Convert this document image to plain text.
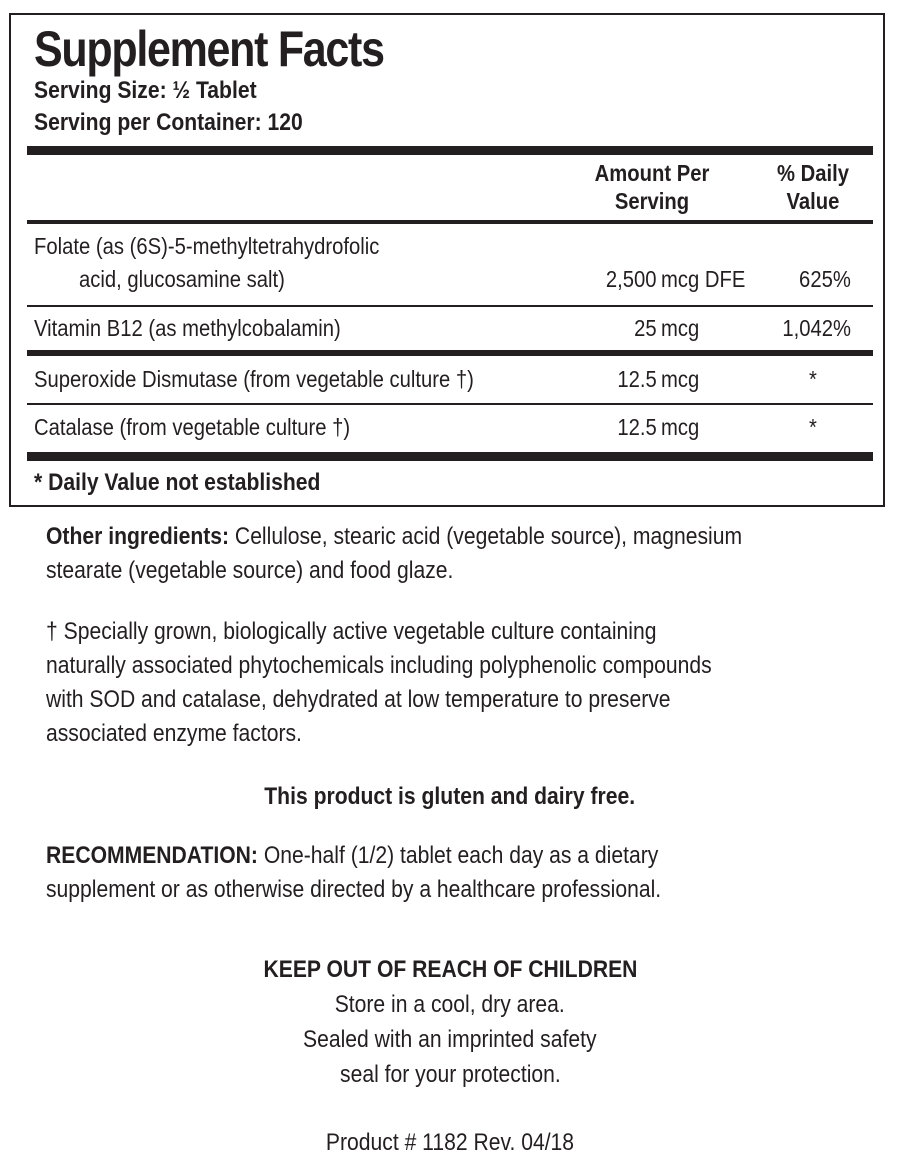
Supplement Facts
Serving Size: ½ Tablet
Serving per Container: 120
Amount Per
Serving
% Daily
Value
Folate (as (6S)-5-methyltetrahydrofolic
acid, glucosamine salt)	2,500 mcg DFE 625%
Vitamin B12 (as methylcobalamin)	25 mcg	1,042%
Superoxide Dismutase (from vegetable culture †)	12.5 mcg	*
Catalase (from vegetable culture †)	12.5 mcg	*
* Daily Value not established
Other ingredients: Cellulose, stearic acid (vegetable source), magnesium
stearate (vegetable source) and food glaze.
† Specially grown, biologically active vegetable culture containing
naturally associated phytochemicals including polyphenolic compounds
with SOD and catalase, dehydrated at low temperature to preserve
associated enzyme factors.
This product is gluten and dairy free.
RECOMMENDATION: One-half (1/2) tablet each day as a dietary
supplement or as otherwise directed by a healthcare professional.
KEEP OUT OF REACH OF CHILDREN
Store in a cool, dry area.
Sealed with an imprinted safety
seal for your protection.
Product # 1182 Rev. 04/18
